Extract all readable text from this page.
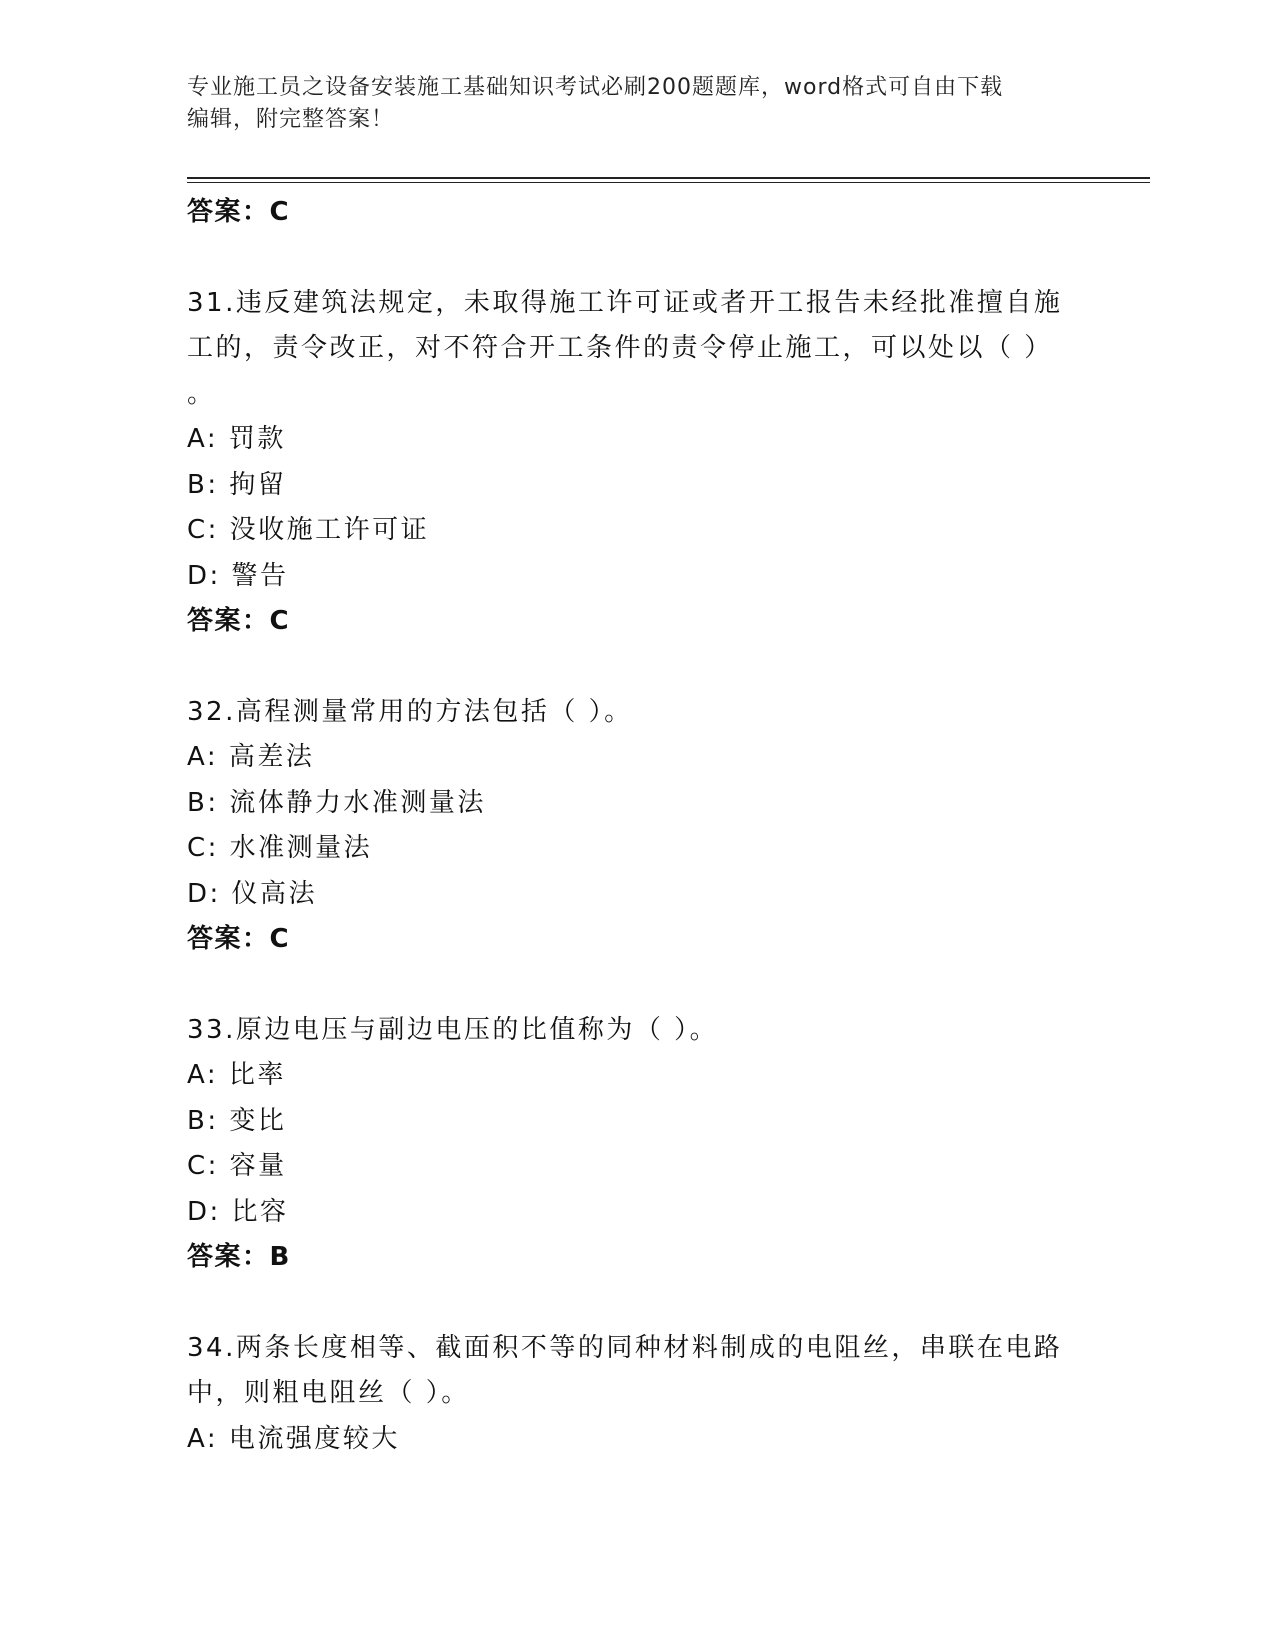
专业施工员之设备安装施工基础知识考试必刷200题题库，word格式可自由下载
编辑，附完整答案！
答案：C
31.违反建筑法规定，未取得施工许可证或者开工报告未经批准擅自施
工的，责令改正，对不符合开工条件的责令停止施工，可以处以（ ）
。
A: 罚款
B: 拘留
C: 没收施工许可证
D: 警告
答案：C
32.高程测量常用的方法包括（ ）。
A: 高差法
B: 流体静力水准测量法
C: 水准测量法
D: 仪高法
答案：C
33.原边电压与副边电压的比值称为（ ）。
A: 比率
B: 变比
C: 容量
D: 比容
答案：B
34.两条长度相等、截面积不等的同种材料制成的电阻丝，串联在电路
中，则粗电阻丝（ ）。
A: 电流强度较大
